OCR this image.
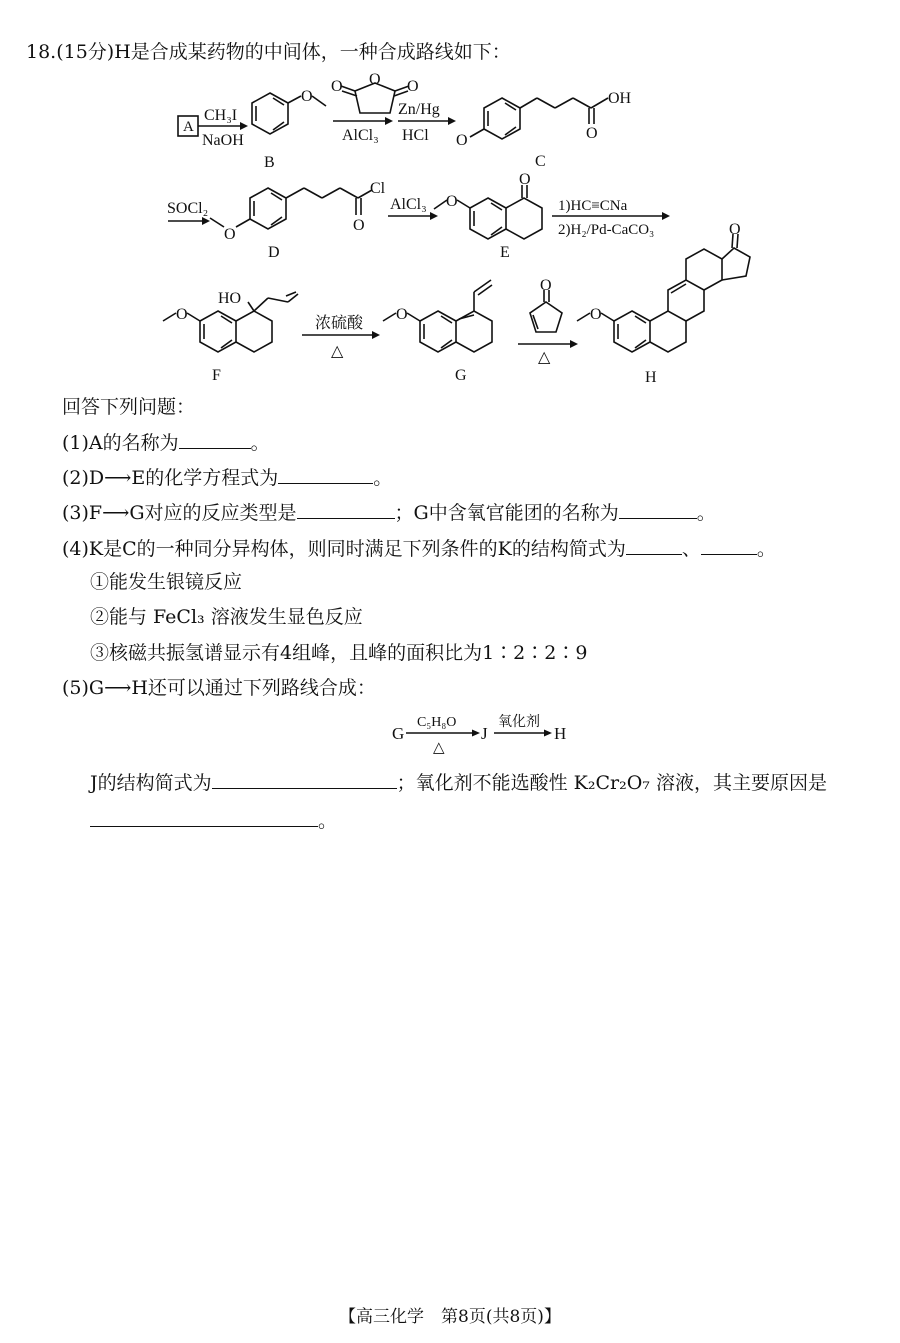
18.(15分)H是合成某药物的中间体，一种合成路线如下：
A
CH₃I
NaOH
O
B
O
O	O
AlCl₃
Zn/Hg
HCl O
OH
O
C
SOCl₂
O
Cl
O
D
AlCl₃ O
O
E
1)HC≡CNa
2)H₂/Pd-CaCO₃
O
HO
F
浓硫酸
△
O
G
O
△
O
O
H
回答下列问题：
(1)A的名称为	。
(2)D⟶E的化学方程式为	。
(3)F⟶G对应的反应类型是	；G中含氧官能团的名称为	。
(4)K是C的一种同分异构体，则同时满足下列条件的K的结构简式为	、	。
①能发生银镜反应
②能与 FeCl₃ 溶液发生显色反应
③核磁共振氢谱显示有4组峰，且峰的面积比为1∶2∶2∶9
(5)G⟶H还可以通过下列路线合成：
G
C₅H₈O
△
J
氧化剂
H
J的结构简式为	；氧化剂不能选酸性 K₂Cr₂O₇ 溶液，其主要原因是
。
【高三化学　第8页(共8页)】
